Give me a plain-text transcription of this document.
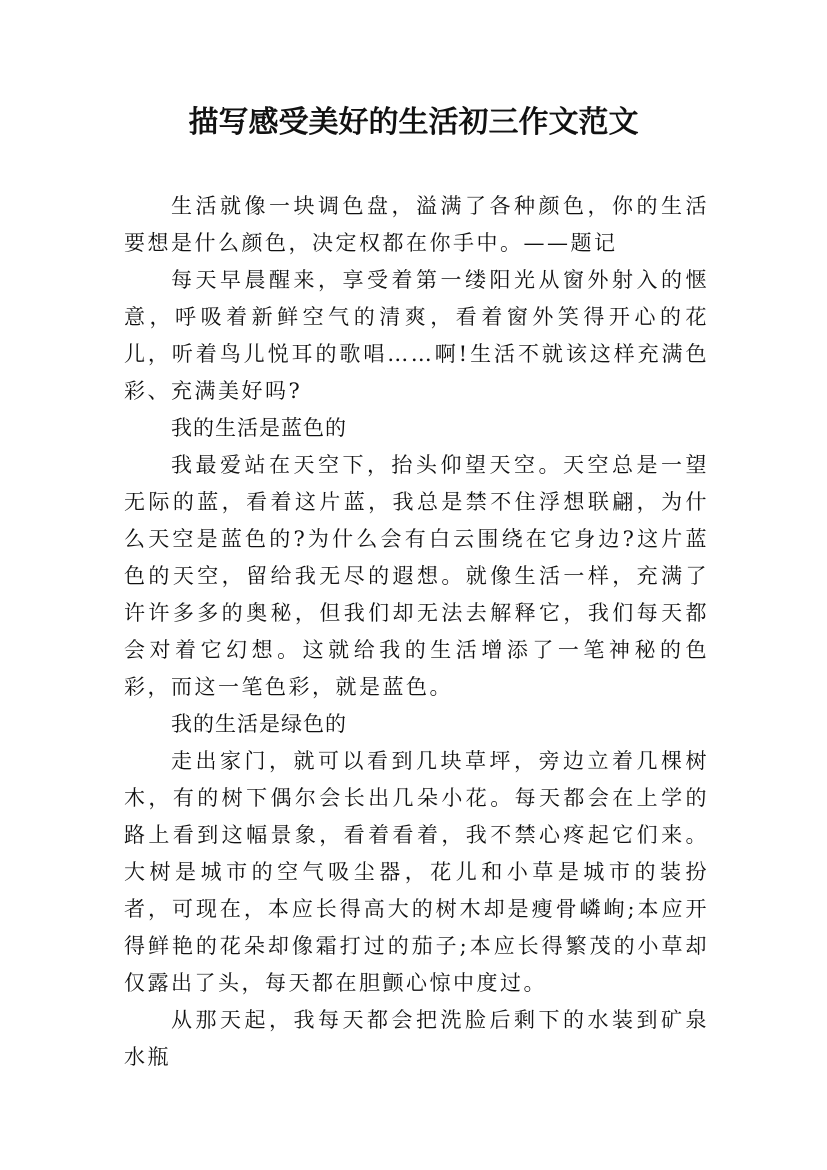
描写感受美好的生活初三作文范文

生活就像一块调色盘，溢满了各种颜色，你的生活要想是什么颜色，决定权都在你手中。——题记

每天早晨醒来，享受着第一缕阳光从窗外射入的惬意，呼吸着新鲜空气的清爽，看着窗外笑得开心的花儿，听着鸟儿悦耳的歌唱……啊!生活不就该这样充满色彩、充满美好吗?

我的生活是蓝色的

我最爱站在天空下，抬头仰望天空。天空总是一望无际的蓝，看着这片蓝，我总是禁不住浮想联翩，为什么天空是蓝色的?为什么会有白云围绕在它身边?这片蓝色的天空，留给我无尽的遐想。就像生活一样，充满了许许多多的奥秘，但我们却无法去解释它，我们每天都会对着它幻想。这就给我的生活增添了一笔神秘的色彩，而这一笔色彩，就是蓝色。

我的生活是绿色的

走出家门，就可以看到几块草坪，旁边立着几棵树木，有的树下偶尔会长出几朵小花。每天都会在上学的路上看到这幅景象，看着看着，我不禁心疼起它们来。大树是城市的空气吸尘器，花儿和小草是城市的装扮者，可现在，本应长得高大的树木却是瘦骨嶙峋;本应开得鲜艳的花朵却像霜打过的茄子;本应长得繁茂的小草却仅露出了头，每天都在胆颤心惊中度过。

从那天起，我每天都会把洗脸后剩下的水装到矿泉水瓶
